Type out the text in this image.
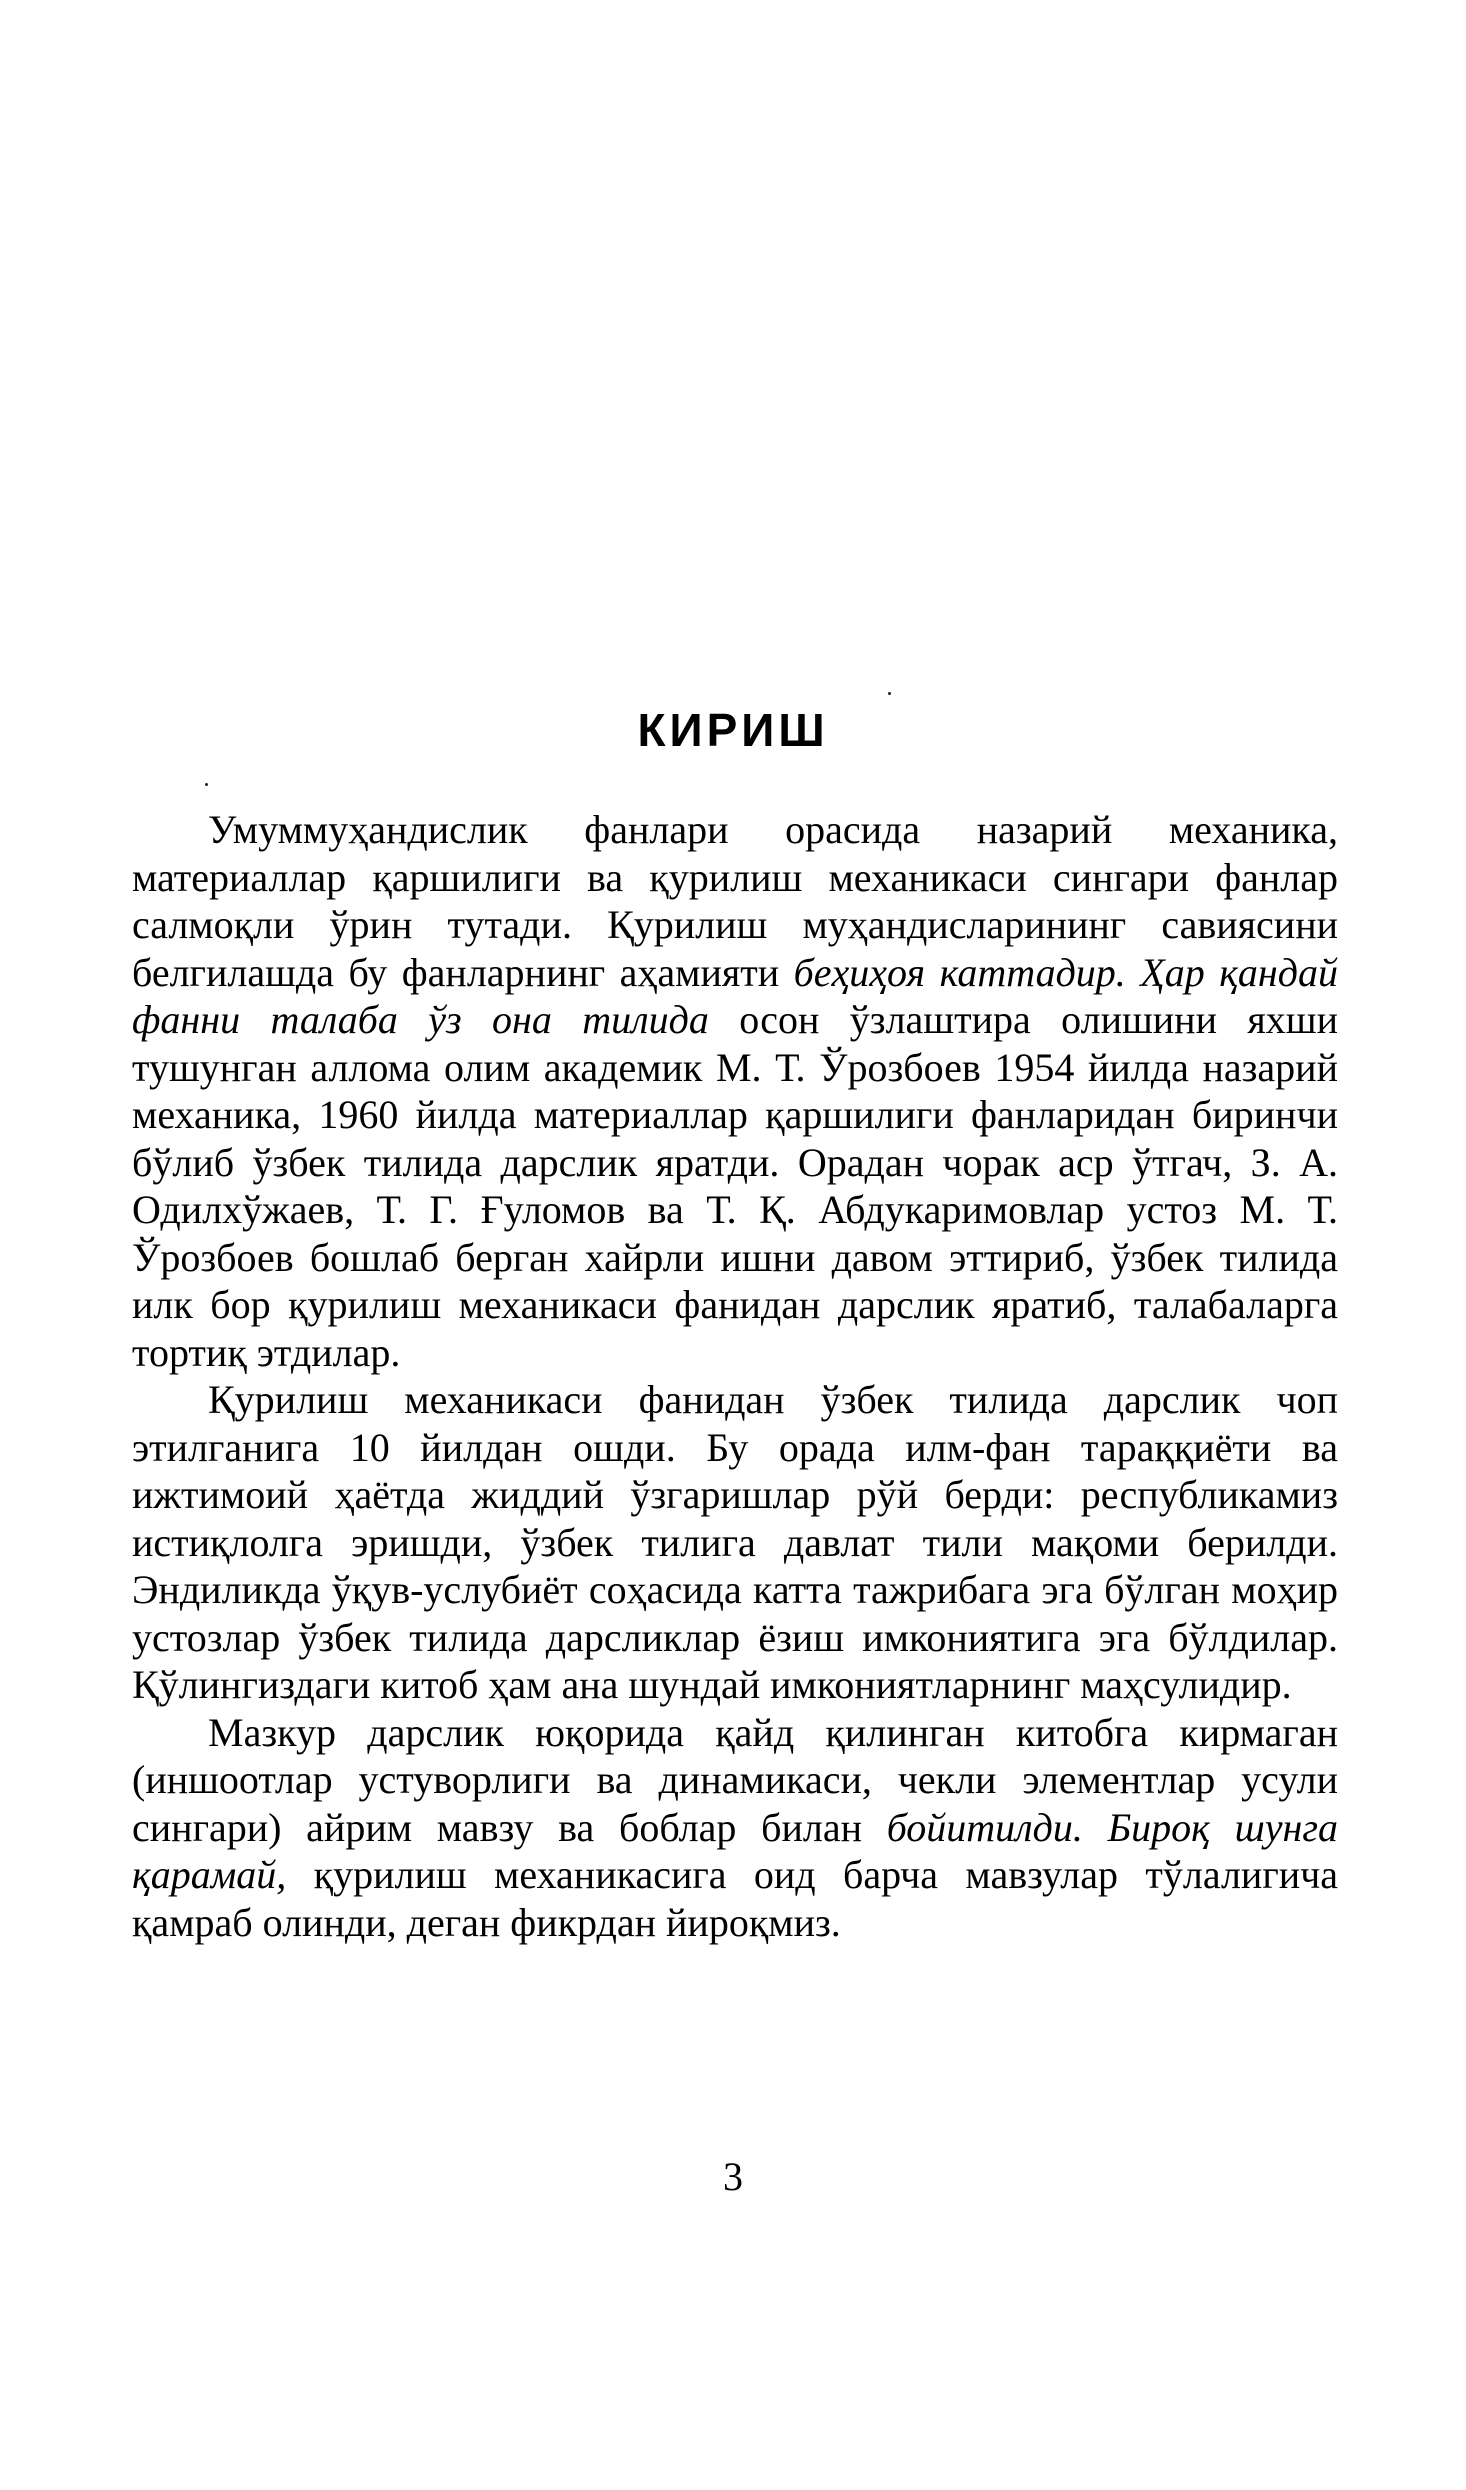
КИРИШ

Умуммуҳандислик фанлари орасида назарий механика, материаллар қаршилиги ва қурилиш механикаси сингари фанлар салмоқли ўрин тутади. Қурилиш муҳандисларининг савиясини белгилашда бу фанларнинг аҳамияти беҳиҳоя каттадир. Ҳар қандай фанни талаба ўз она тилида осон ўзлаштира олишини яхши тушунган аллома олим академик М. Т. Ўрозбоев 1954 йилда назарий механика, 1960 йилда материаллар қаршилиги фанларидан биринчи бўлиб ўзбек тилида дарслик яратди. Орадан чорак аср ўтгач, З. А. Одилхўжаев, Т. Г. Ғуломов ва Т. Қ. Абдукаримовлар устоз М. Т. Ўрозбоев бошлаб берган хайрли ишни давом эттириб, ўзбек тилида илк бор қурилиш механикаси фанидан дарслик яратиб, талабаларга тортиқ этдилар.

Қурилиш механикаси фанидан ўзбек тилида дарслик чоп этилганига 10 йилдан ошди. Бу орада илм-фан тараққиёти ва ижтимоий ҳаётда жиддий ўзгаришлар рўй берди: республикамиз истиқлолга эришди, ўзбек тилига давлат тили мақоми берилди. Эндиликда ўқув-услубиёт соҳасида катта тажрибага эга бўлган моҳир устозлар ўзбек тилида дарсликлар ёзиш имкониятига эга бўлдилар. Қўлингиздаги китоб ҳам ана шундай имкониятларнинг маҳсулидир.

Мазкур дарслик юқорида қайд қилинган китобга кирмаган (иншоотлар устуворлиги ва динамикаси, чекли элементлар усули сингари) айрим мавзу ва боблар билан бойитилди. Бироқ шунга қарамай, қурилиш механикасига оид барча мавзулар тўлалигича қамраб олинди, деган фикрдан йироқмиз.

3
